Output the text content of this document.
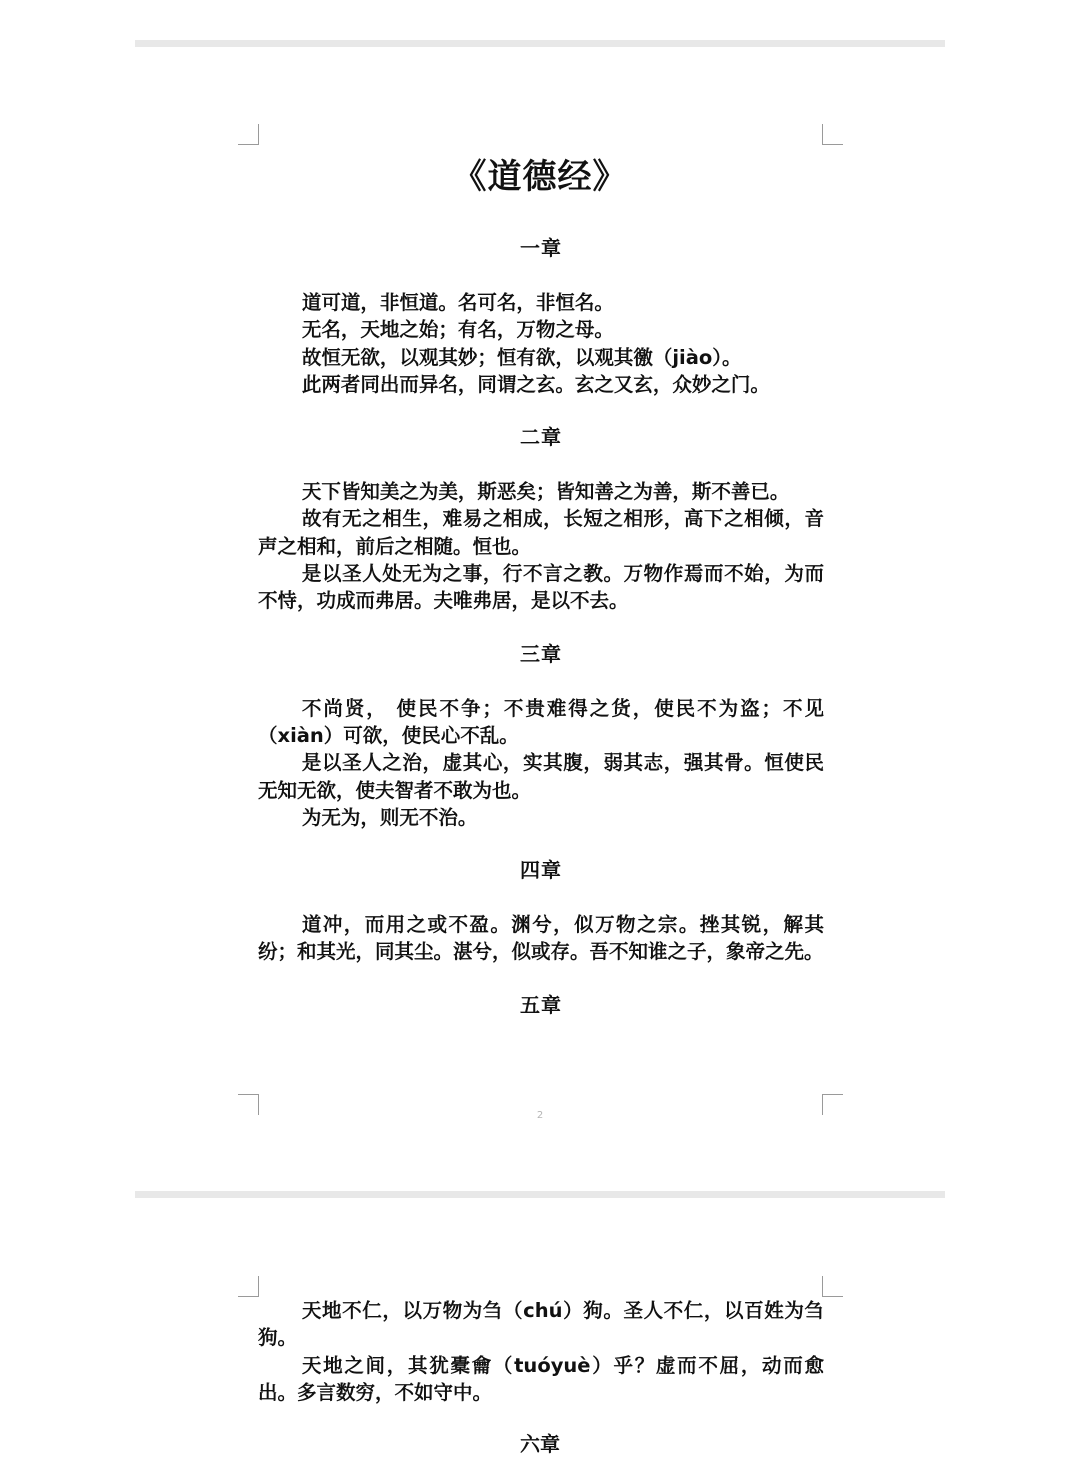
《道德经》
一章

道可道，非恒道。名可名，非恒名。

无名，天地之始；有名，万物之母。

故恒无欲，以观其妙；恒有欲，以观其徼（jiào）。

此两者同出而异名，同谓之玄。玄之又玄，众妙之门。

二章

天下皆知美之为美，斯恶矣；皆知善之为善，斯不善已。

故有无之相生，难易之相成，长短之相形，高下之相倾，音声之相和，前后之相随。恒也。

是以圣人处无为之事，行不言之教。万物作焉而不始，为而不恃，功成而弗居。夫唯弗居，是以不去。

三章

不尚贤， 使民不争；不贵难得之货，使民不为盗；不见（xiàn）可欲，使民心不乱。

是以圣人之治，虚其心，实其腹，弱其志，强其骨。恒使民无知无欲，使夫智者不敢为也。

为无为，则无不治。

四章

道冲，而用之或不盈。渊兮，似万物之宗。挫其锐，解其纷；和其光，同其尘。湛兮，似或存。吾不知谁之子，象帝之先。

五章
2

天地不仁，以万物为刍（chú）狗。圣人不仁，以百姓为刍狗。

天地之间，其犹橐龠（tuóyuè）乎？虚而不屈，动而愈出。多言数穷，不如守中。

六章
